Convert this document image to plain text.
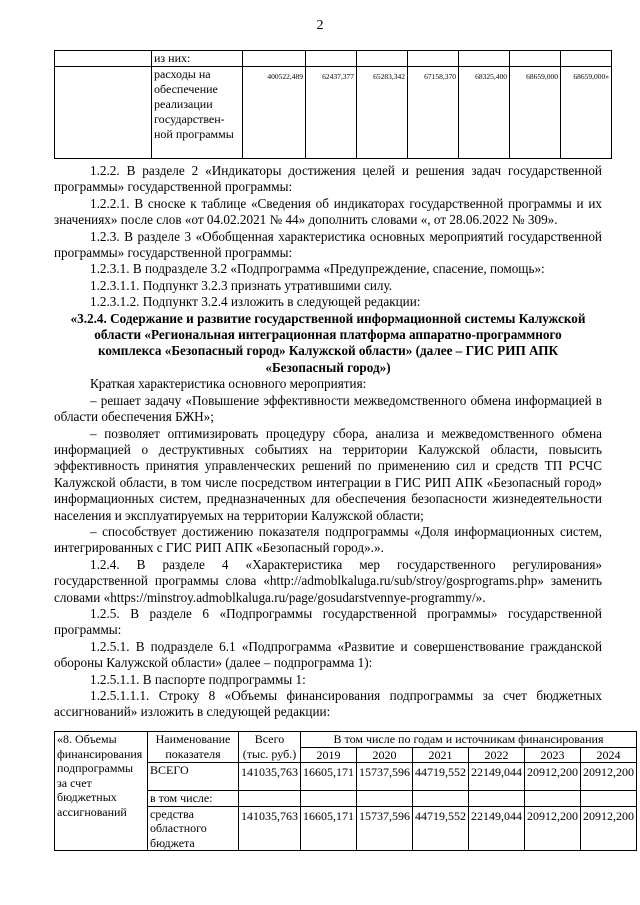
2
	из них:							
	расходы на обеспечение реализации государствен-ной программы	400522,489	62437,377	65283,342	67158,370	68325,400	68659,000	68659,000»
1.2.2. В разделе 2 «Индикаторы достижения целей и решения задач государственной программы» государственной программы:
1.2.2.1. В сноске к таблице «Сведения об индикаторах государственной программы и их значениях» после слов «от 04.02.2021 № 44» дополнить словами «, от 28.06.2022 № 309».
1.2.3. В разделе 3 «Обобщенная характеристика основных мероприятий государственной программы» государственной программы:
1.2.3.1. В подразделе 3.2 «Подпрограмма «Предупреждение, спасение, помощь»:
1.2.3.1.1. Подпункт 3.2.3 признать утратившими силу.
1.2.3.1.2. Подпункт 3.2.4 изложить в следующей редакции:
«3.2.4. Содержание и развитие государственной информационной системы Калужской области «Региональная интеграционная платформа аппаратно-программного комплекса «Безопасный город» Калужской области» (далее – ГИС РИП АПК «Безопасный город»)
Краткая характеристика основного мероприятия:
– решает задачу «Повышение эффективности межведомственного обмена информацией в области обеспечения БЖН»;
– позволяет оптимизировать процедуру сбора, анализа и межведомственного обмена информацией о деструктивных событиях на территории Калужской области, повысить эффективность принятия управленческих решений по применению сил и средств ТП РСЧС Калужской области, в том числе посредством интеграции в ГИС РИП АПК «Безопасный город» информационных систем, предназначенных для обеспечения безопасности жизнедеятельности населения и эксплуатируемых на территории Калужской области;
– способствует достижению показателя подпрограммы «Доля информационных систем, интегрированных с ГИС РИП АПК «Безопасный город».».
1.2.4. В разделе 4 «Характеристика мер государственного регулирования» государственной программы слова «http://admoblkaluga.ru/sub/stroy/gosprograms.php» заменить словами «https://minstroy.admoblkaluga.ru/page/gosudarstvennye-programmy/».
1.2.5. В разделе 6 «Подпрограммы государственной программы» государственной программы:
1.2.5.1. В подразделе 6.1 «Подпрограмма «Развитие и совершенствование гражданской обороны Калужской области» (далее – подпрограмма 1):
1.2.5.1.1. В паспорте подпрограммы 1:
1.2.5.1.1.1. Строку 8 «Объемы финансирования подпрограммы за счет бюджетных ассигнований» изложить в следующей редакции:
«8. Объемы финансирования подпрограммы за счет бюджетных ассигнований	Наименование показателя	Всего (тыс. руб.)	В том числе по годам и источникам финансирования					
			2019	2020	2021	2022	2023	2024
	ВСЕГО	141035,763	16605,171	15737,596	44719,552	22149,044	20912,200	20912,200
	в том числе:							
	средства областного бюджета	141035,763	16605,171	15737,596	44719,552	22149,044	20912,200	20912,200
